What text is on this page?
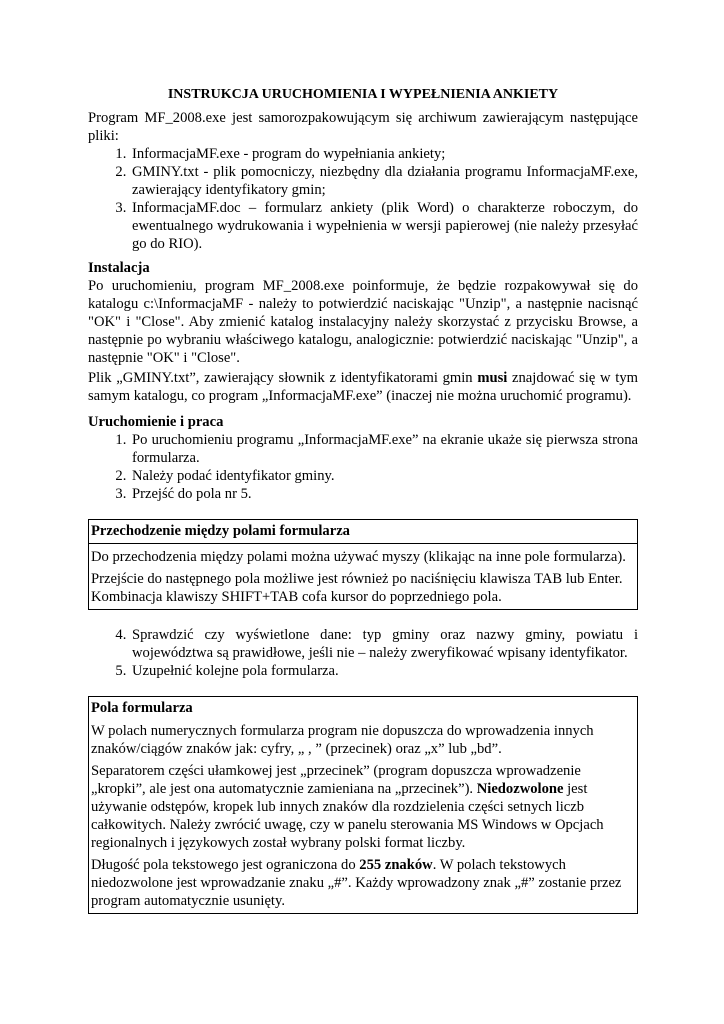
INSTRUKCJA URUCHOMIENIA I WYPEŁNIENIA ANKIETY

Program MF_2008.exe jest samorozpakowującym się archiwum zawierającym następujące pliki:

1. InformacjaMF.exe - program do wypełniania ankiety;
2. GMINY.txt - plik pomocniczy, niezbędny dla działania programu InformacjaMF.exe, zawierający identyfikatory gmin;
3. InformacjaMF.doc – formularz ankiety (plik Word) o charakterze roboczym, do ewentualnego wydrukowania i wypełnienia w wersji papierowej (nie należy przesyłać go do RIO).
Instalacja

Po uruchomieniu, program MF_2008.exe poinformuje, że będzie rozpakowywał się do katalogu c:\InformacjaMF - należy to potwierdzić naciskając "Unzip", a następnie nacisnąć "OK" i "Close". Aby zmienić katalog instalacyjny należy skorzystać z przycisku Browse, a następnie po wybraniu właściwego katalogu, analogicznie: potwierdzić naciskając "Unzip", a następnie "OK" i "Close".

Plik „GMINY.txt”, zawierający słownik z identyfikatorami gmin musi znajdować się w tym samym katalogu, co program „InformacjaMF.exe” (inaczej nie można uruchomić programu).

Uruchomienie i praca
1. Po uruchomieniu programu „InformacjaMF.exe” na ekranie ukaże się pierwsza strona formularza.
2. Należy podać identyfikator gminy.
3. Przejść do pola nr 5.

Przechodzenie między polami formularza

Do przechodzenia między polami można używać myszy (klikając na inne pole formularza).

Przejście do następnego pola możliwe jest również po naciśnięciu klawisza TAB lub Enter. Kombinacja klawiszy SHIFT+TAB cofa kursor do poprzedniego pola.

4. Sprawdzić czy wyświetlone dane: typ gminy oraz nazwy gminy, powiatu i województwa są prawidłowe, jeśli nie – należy zweryfikować wpisany identyfikator.
5. Uzupełnić kolejne pola formularza.

Pola formularza

W polach numerycznych formularza program nie dopuszcza do wprowadzenia innych znaków/ciągów znaków jak: cyfry, „ , ” (przecinek) oraz „x” lub „bd”.

Separatorem części ułamkowej jest „przecinek” (program dopuszcza wprowadzenie „kropki”, ale jest ona automatycznie zamieniana na „przecinek”). Niedozwolone jest używanie odstępów, kropek lub innych znaków dla rozdzielenia części setnych liczb całkowitych. Należy zwrócić uwagę, czy w panelu sterowania MS Windows w Opcjach regionalnych i językowych został wybrany polski format liczby.

Długość pola tekstowego jest ograniczona do 255 znaków. W polach tekstowych niedozwolone jest wprowadzanie znaku „#”. Każdy wprowadzony znak „#” zostanie przez program automatycznie usunięty.
